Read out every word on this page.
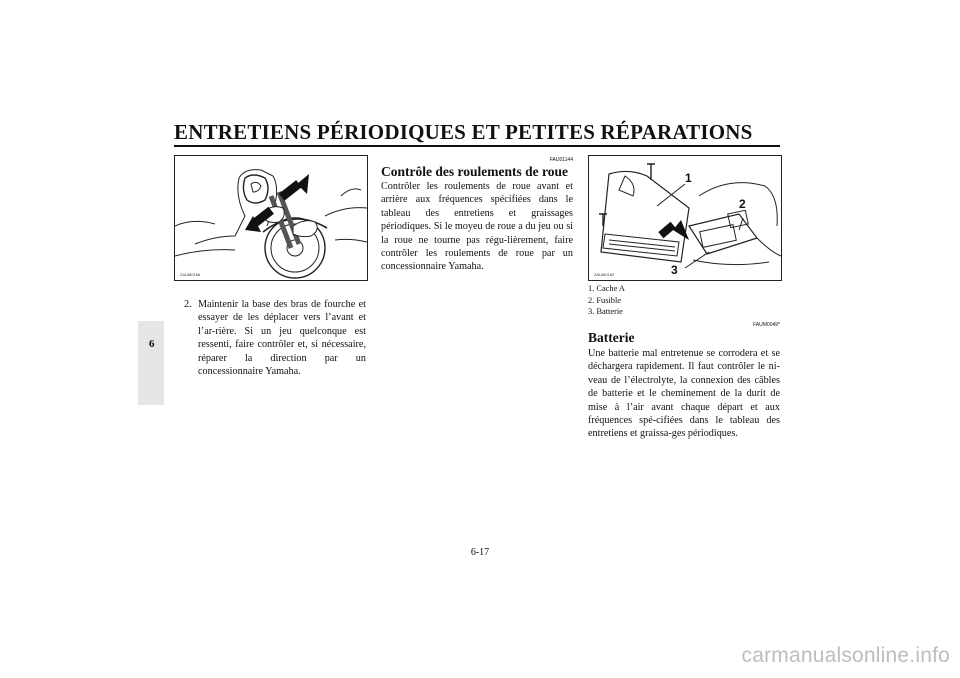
ENTRETIENS PÉRIODIQUES ET PETITES RÉPARATIONS
6
ZAUM0166
2. Maintenir la base des bras de fourche et essayer de les déplacer vers l’avant et l’ar-rière. Si un jeu quelconque est ressenti, faire contrôler et, si nécessaire, réparer la direction par un concessionnaire Yamaha.
FAU01144
Contrôle des roulements de roue
Contrôler les roulements de roue avant et arrière aux fréquences spécifiées dans le tableau des entretiens et graissages périodiques. Si le moyeu de roue a du jeu ou si la roue ne tourne pas régu-lièrement, faire contrôler les roulements de roue par un concessionnaire Yamaha.
1
2
3
ZAUM0182
1. Cache A
2. Fusible
3. Batterie
FAUM0049*
Batterie
Une batterie mal entretenue se corrodera et se déchargera rapidement. Il faut contrôler le ni-veau de l’électrolyte, la connexion des câbles de batterie et le cheminement de la durit de mise à l’air avant chaque départ et aux fréquences spé-cifiées dans le tableau des entretiens et graissa-ges périodiques.
6-17
carmanualsonline.info
